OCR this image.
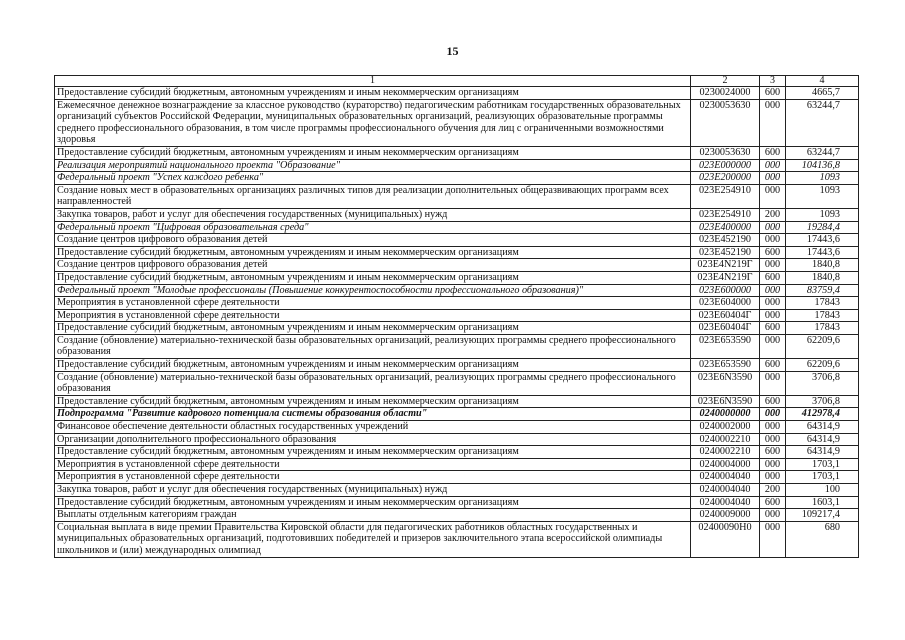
15
1	2	3	4
Предоставление субсидий бюджетным, автономным учреждениям и иным некоммерческим организациям	0230024000	600	4665,7
Ежемесячное денежное вознаграждение за классное руководство (кураторство) педагогическим работникам государственных образовательных организаций субъектов Российской Федерации, муниципальных образовательных организаций, реализующих образовательные программы среднего профессионального образования, в том числе программы профессионального обучения для лиц с ограниченными возможностями здоровья	0230053630	000	63244,7
Предоставление субсидий бюджетным, автономным учреждениям и иным некоммерческим организациям	0230053630	600	63244,7
Реализация мероприятий национального проекта "Образование"	023Е000000	000	104136,8
Федеральный проект "Успех каждого ребенка"	023Е200000	000	1093
Создание новых мест в образовательных организациях различных типов для реализации дополнительных общеразвивающих программ всех направленностей	023Е254910	000	1093
Закупка товаров, работ и услуг для обеспечения государственных (муниципальных) нужд	023Е254910	200	1093
Федеральный проект "Цифровая образовательная среда"	023Е400000	000	19284,4
Создание центров цифрового образования детей	023Е452190	000	17443,6
Предоставление субсидий бюджетным, автономным учреждениям и иным некоммерческим организациям	023Е452190	600	17443,6
Создание центров цифрового образования детей	023Е4N219Г	000	1840,8
Предоставление субсидий бюджетным, автономным учреждениям и иным некоммерческим организациям	023Е4N219Г	600	1840,8
Федеральный проект "Молодые профессионалы (Повышение конкурентоспособности профессионального образования)"	023Е600000	000	83759,4
Мероприятия в установленной сфере деятельности	023Е604000	000	17843
Мероприятия в установленной сфере деятельности	023Е60404Г	000	17843
Предоставление субсидий бюджетным, автономным учреждениям и иным некоммерческим организациям	023Е60404Г	600	17843
Создание (обновление) материально-технической базы образовательных организаций, реализующих программы среднего профессионального образования	023Е653590	000	62209,6
Предоставление субсидий бюджетным, автономным учреждениям и иным некоммерческим организациям	023Е653590	600	62209,6
Создание (обновление) материально-технической базы образовательных организаций, реализующих программы среднего профессионального образования	023Е6N3590	000	3706,8
Предоставление субсидий бюджетным, автономным учреждениям и иным некоммерческим организациям	023Е6N3590	600	3706,8
Подпрограмма "Развитие кадрового потенциала системы образования области"	0240000000	000	412978,4
Финансовое обеспечение деятельности областных государственных учреждений	0240002000	000	64314,9
Организации дополнительного профессионального образования	0240002210	000	64314,9
Предоставление субсидий бюджетным, автономным учреждениям и иным некоммерческим организациям	0240002210	600	64314,9
Мероприятия в установленной сфере деятельности	0240004000	000	1703,1
Мероприятия в установленной сфере деятельности	0240004040	000	1703,1
Закупка товаров, работ и услуг для обеспечения государственных (муниципальных) нужд	0240004040	200	100
Предоставление субсидий бюджетным, автономным учреждениям и иным некоммерческим организациям	0240004040	600	1603,1
Выплаты отдельным категориям граждан	0240009000	000	109217,4
Социальная выплата в виде премии Правительства Кировской области для педагогических работников областных государственных и муниципальных образовательных организаций, подготовивших победителей и призеров заключительного этапа всероссийской олимпиады школьников и (или) международных олимпиад	02400090Н0	000	680
